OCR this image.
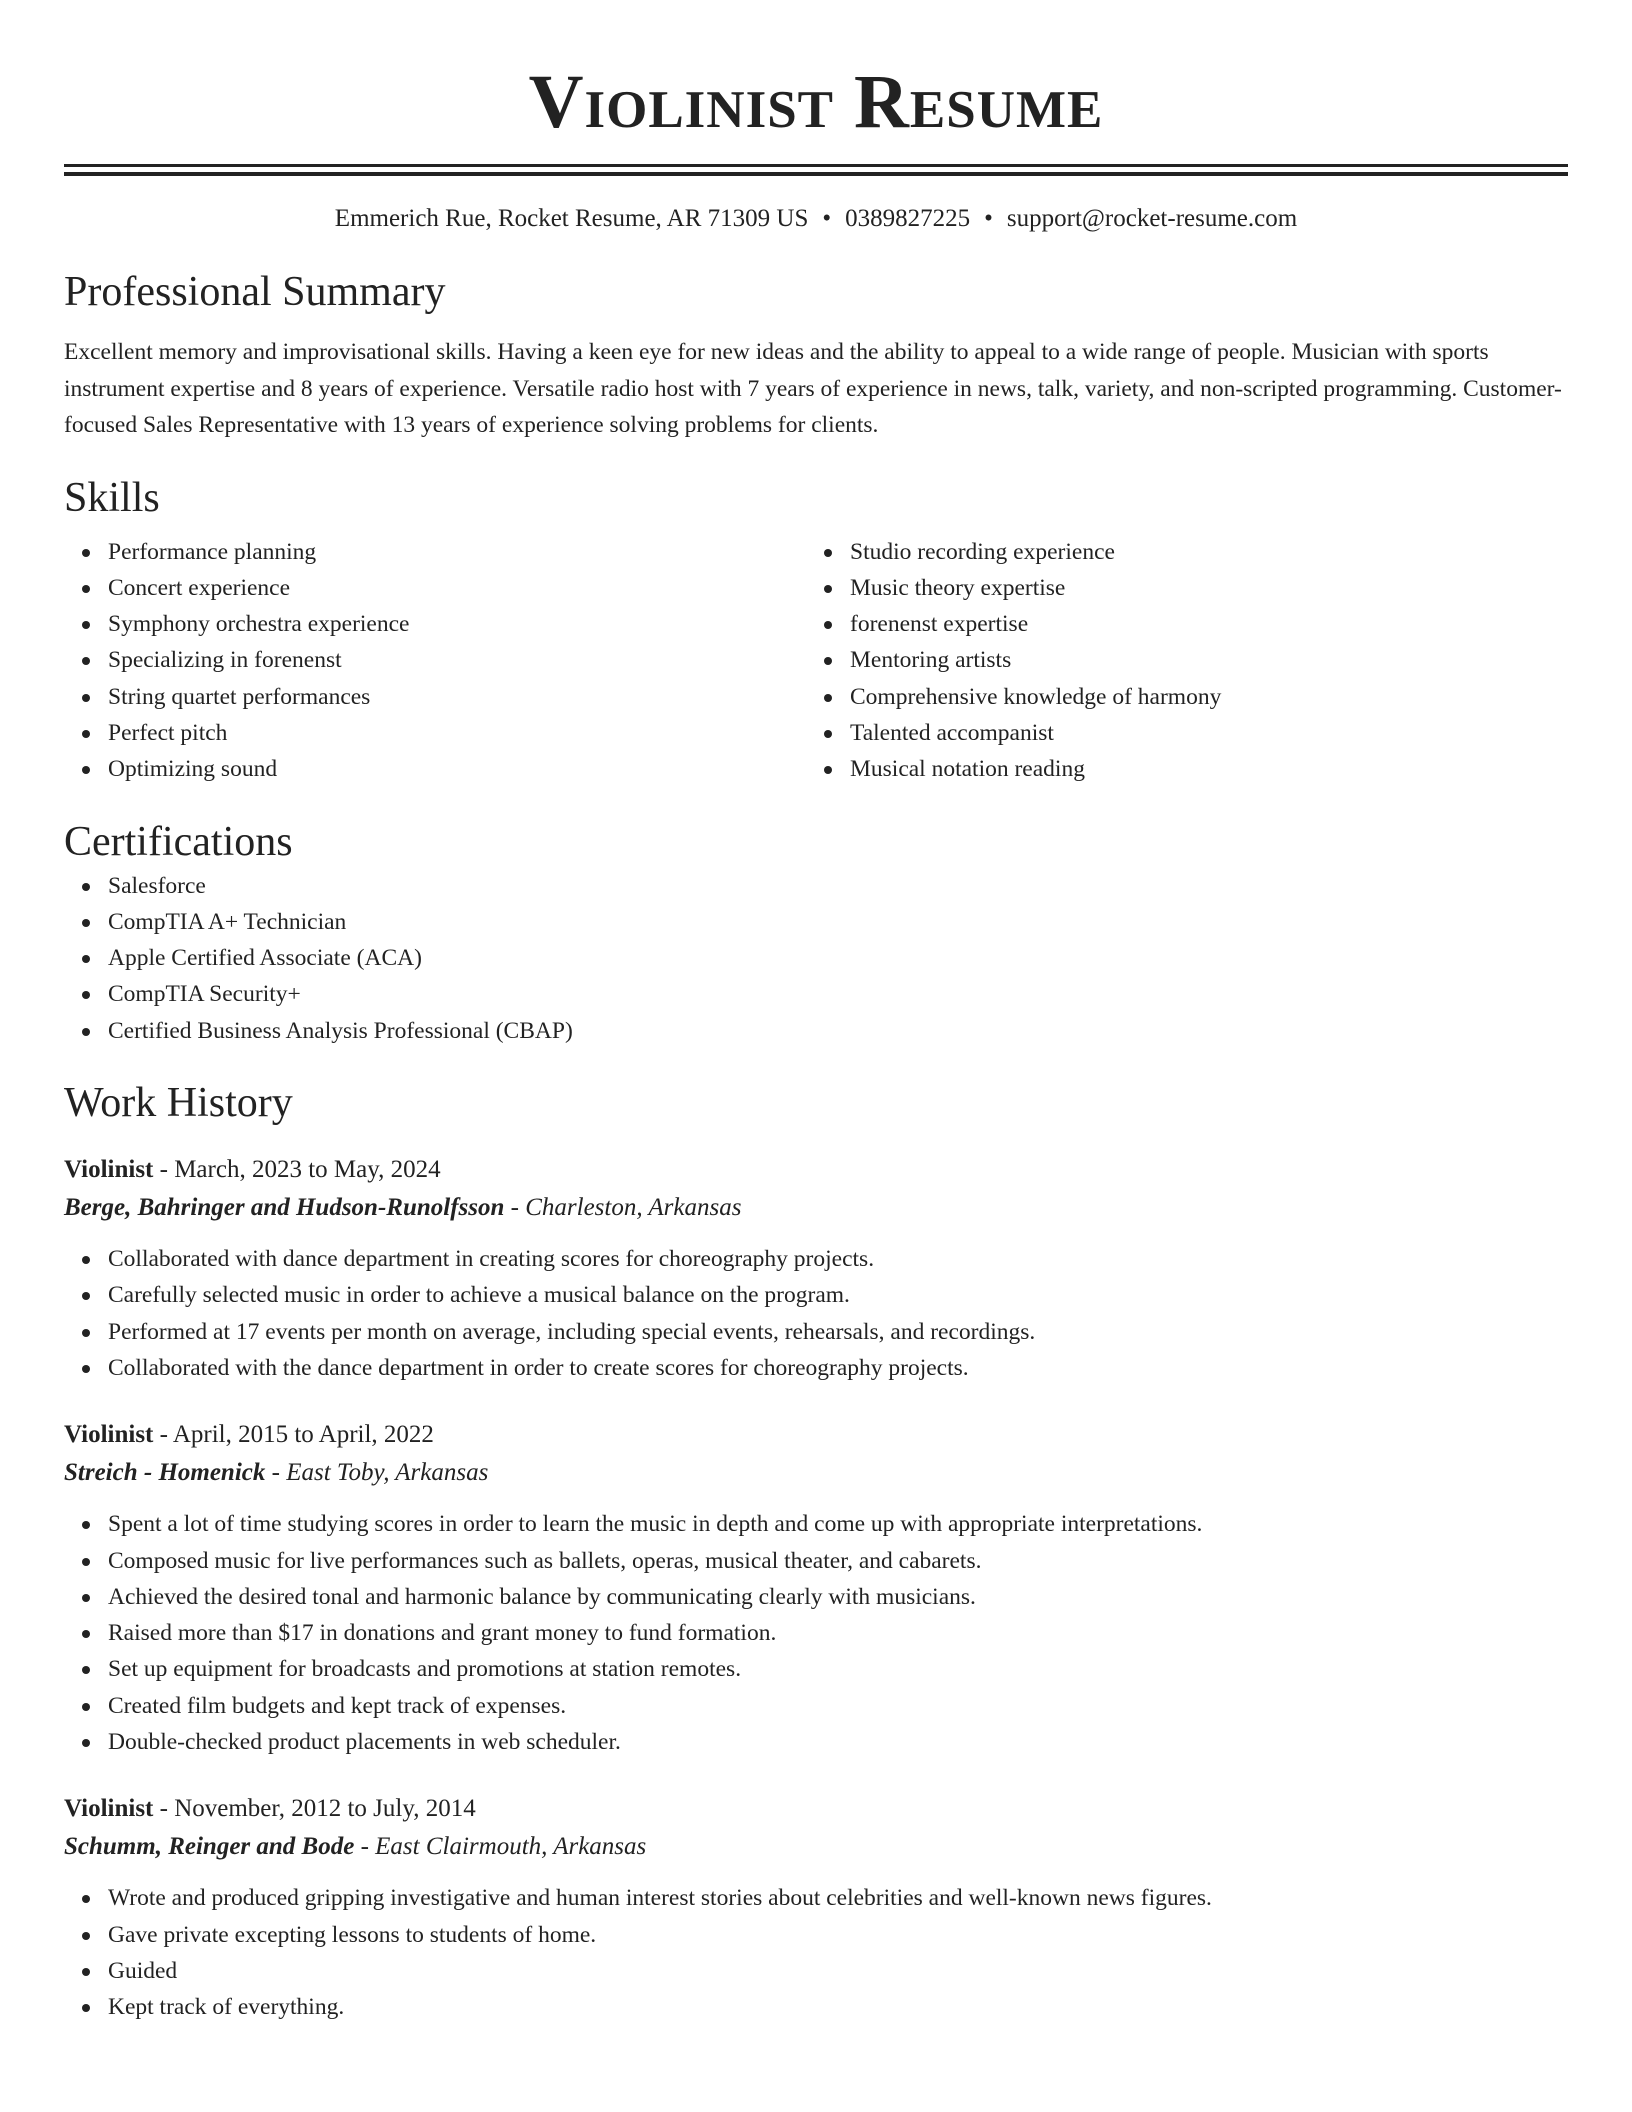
Violinist Resume
Emmerich Rue, Rocket Resume, AR 71309 US • 0389827225 • support@rocket-resume.com
Professional Summary

Excellent memory and improvisational skills. Having a keen eye for new ideas and the ability to appeal to a wide range of people. Musician with sports instrument expertise and 8 years of experience. Versatile radio host with 7 years of experience in news, talk, variety, and non-scripted programming. Customer-focused Sales Representative with 13 years of experience solving problems for clients.

Skills
Performance planning
Concert experience
Symphony orchestra experience
Specializing in forenenst
String quartet performances
Perfect pitch
Optimizing sound
Studio recording experience
Music theory expertise
forenenst expertise
Mentoring artists
Comprehensive knowledge of harmony
Talented accompanist
Musical notation reading
Certifications
Salesforce
CompTIA A+ Technician
Apple Certified Associate (ACA)
CompTIA Security+
Certified Business Analysis Professional (CBAP)
Work History
Violinist - March, 2023 to May, 2024
Berge, Bahringer and Hudson-Runolfsson - Charleston, Arkansas
Collaborated with dance department in creating scores for choreography projects.
Carefully selected music in order to achieve a musical balance on the program.
Performed at 17 events per month on average, including special events, rehearsals, and recordings.
Collaborated with the dance department in order to create scores for choreography projects.
Violinist - April, 2015 to April, 2022
Streich - Homenick - East Toby, Arkansas
Spent a lot of time studying scores in order to learn the music in depth and come up with appropriate interpretations.
Composed music for live performances such as ballets, operas, musical theater, and cabarets.
Achieved the desired tonal and harmonic balance by communicating clearly with musicians.
Raised more than $17 in donations and grant money to fund formation.
Set up equipment for broadcasts and promotions at station remotes.
Created film budgets and kept track of expenses.
Double-checked product placements in web scheduler.
Violinist - November, 2012 to July, 2014
Schumm, Reinger and Bode - East Clairmouth, Arkansas
Wrote and produced gripping investigative and human interest stories about celebrities and well-known news figures.
Gave private excepting lessons to students of home.
Guided
Kept track of everything.
